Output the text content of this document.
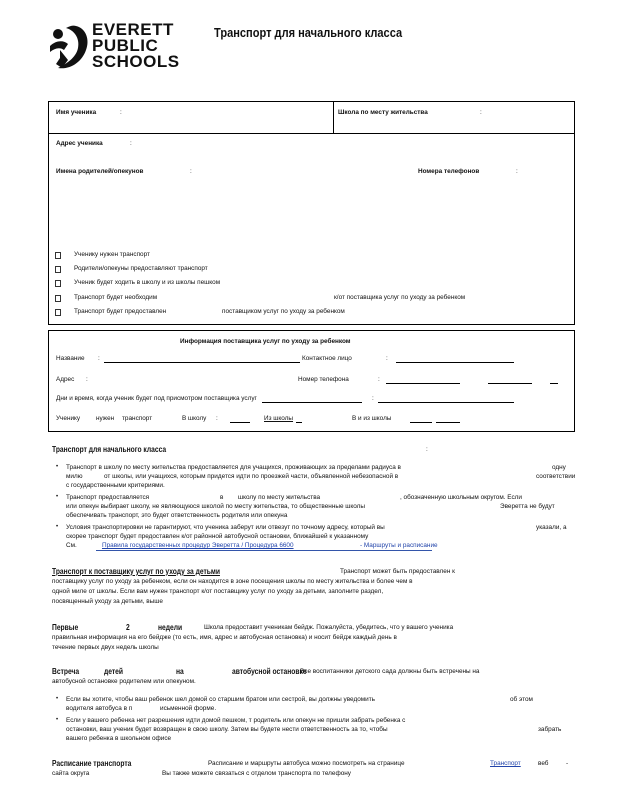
EVERETT
PUBLIC
SCHOOLS
Транспорт для начального класса
Имя ученика	:	Школа по месту жительства	:
Адрес ученика	:
Имена родителей/опекунов	:	Номера телефонов	:
Ученику нужен транспорт
Родители/опекуны предоставляют транспорт
Ученик будет ходить в школу и из школы пешком
Транспорт будет необходим	к/от поставщика услуг по уходу за ребенком
Транспорт будет предоставлен	поставщиком услуг по уходу за ребенком
Информация поставщика услуг по уходу за ребенком
Название :	Контактное лицо	:
Адрес :	Номер телефона	:
Дни и время, когда ученик будет под присмотром поставщика услуг	:
Ученику нужен транспорт	В школу :	Из школы	В и из школы
Транспорт для начального класса	:
• Транспорт в школу по месту жительства предоставляется для учащихся, проживающих за пределами радиуса в	одну
милю	от школы, или учащихся, которым придется идти по проезжей части, объявленной небезопасной в	соответствии
с государственными критериями.
• Транспорт предоставляется	в школу по месту жительства	, обозначенную школьным округом. Если
или опекун выбирает школу, не являющуюся школой по месту жительства, то общественные школы	Эверетта не будут
обеспечивать транспорт, это будет ответственность родителя или опекуна
• Условия транспортировки не гарантируют, что ученика заберут или отвезут по точному адресу, который вы	указали, а
скорее транспорт будет предоставлен к/от районной автобусной остановки, ближайшей к указанному
См.	Правила государственных процедур Эверетта / Процедура 6600	- Маршруты и расписание
Транспорт к поставщику услуг по уходу за детьми	Транспорт может быть предоставлен к
поставщику услуг по уходу за ребенком, если он находится в зоне посещения школы по месту жительства и более чем в
одной миле от школы. Если вам нужен транспорт к/от поставщику услуг по уходу за детьми, заполните раздел,
посвященный уходу за детьми, выше
Первые	2	недели	Школа предоставит ученикам бейдж. Пожалуйста, убедитесь, что у вашего ученика
правильная информация на его бейдже (то есть, имя, адрес и автобусная остановка) и носит бейдж каждый день в
течение первых двух недель школы
Встреча	детей	на	автобусной остановке
Все воспитанники детского сада должны быть встречены на
автобусной остановке родителем или опекуном.
• Если вы хотите, чтобы ваш ребенок шел домой со старшим братом или сестрой, вы должны уведомить	об этом
водителя автобуса в п	исьменной форме.
• Если у вашего ребенка нет разрешения идти домой пешком, т родитель или опекун не пришли забрать ребенка с
остановки, ваш ученик будет возвращен в свою школу. Затем вы будете нести ответственность за то, чтобы	забрать
вашего ребенка в школьном офисе
Расписание транспорта	Расписание и маршруты автобуса можно посмотреть на странице	Транспорт	веб	-
сайта округа	Вы также можете связаться с отделом транспорта по телефону
